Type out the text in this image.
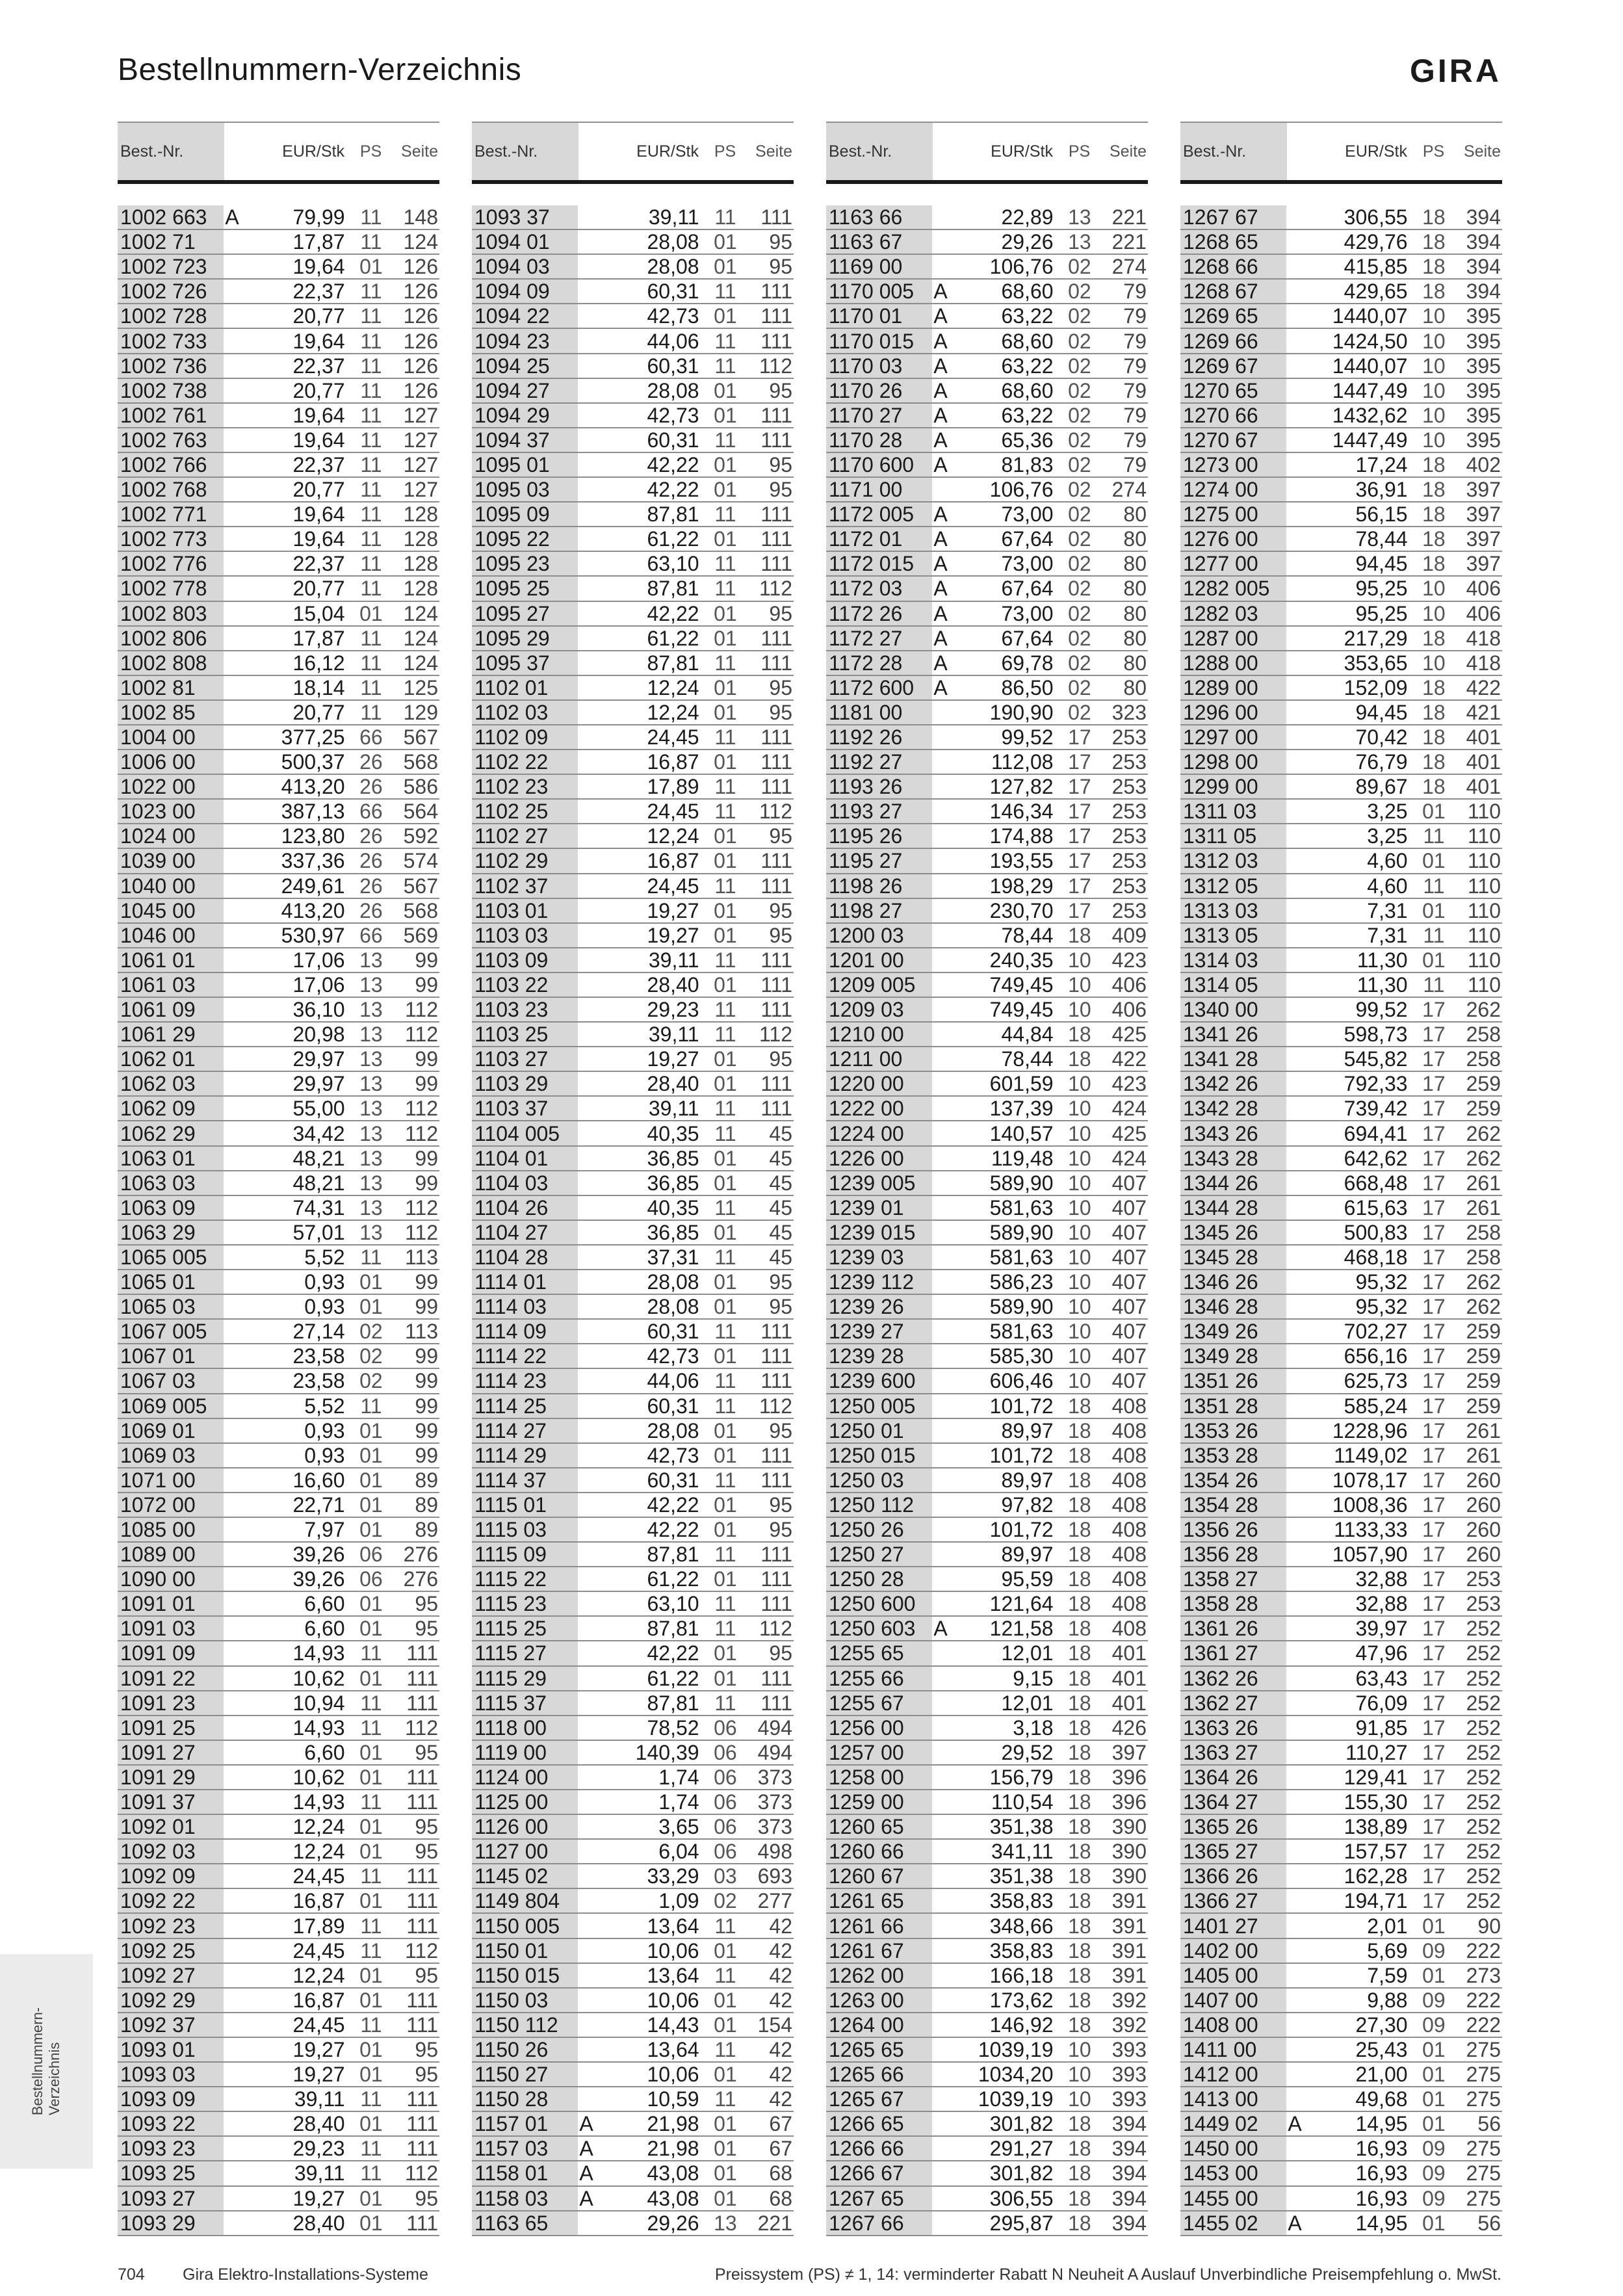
Bestellnummern-Verzeichnis	GIRA
Best.-Nr.	EUR/Stk PS	Seite
1002 663 A	79,99 11	148
1002 71	17,87 11	124
1002 723	19,64 01 126
1002 726	22,37 11	126
1002 728	20,77 11	126
1002 733	19,64 11	126
1002 736	22,37 11	126
1002 738	20,77 11	126
1002 761	19,64 11	127
1002 763	19,64 11	127
1002 766	22,37 11	127
1002 768	20,77 11	127
1002 771	19,64 11	128
1002 773	19,64 11	128
1002 776	22,37 11	128
1002 778	20,77 11	128
1002 803	15,04 01 124
1002 806	17,87 11	124
1002 808	16,12 11	124
1002 81	18,14 11	125
1002 85	20,77 11	129
1004 00	377,25 66 567
1006 00	500,37 26 568
1022 00	413,20 26 586
1023 00	387,13 66 564
1024 00	123,80 26 592
1039 00	337,36 26 574
1040 00	249,61 26 567
1045 00	413,20 26 568
1046 00	530,97 66 569
1061 01	17,06 13	99
1061 03	17,06 13	99
1061 09	36,10 13	112
1061 29	20,98 13	112
1062 01	29,97 13	99
1062 03	29,97 13	99
1062 09	55,00 13	112
1062 29	34,42 13	112
1063 01	48,21 13	99
1063 03	48,21 13	99
1063 09	74,31 13	112
1063 29	57,01 13	112
1065 005	5,52 11	113
1065 01	0,93 01	99
1065 03	0,93 01	99
1067 005	27,14 02	113
1067 01	23,58 02	99
1067 03	23,58 02	99
1069 005	5,52 11	99
1069 01	0,93 01	99
1069 03	0,93 01	99
1071 00	16,60 01	89
1072 00	22,71 01	89
1085 00	7,97 01	89
1089 00	39,26 06 276
1090 00	39,26 06 276
1091 01	6,60 01	95
1091 03	6,60 01	95
1091 09	14,93 11	111
1091 22	10,62 01	111
1091 23	10,94 11	111
1091 25	14,93 11	112
1091 27	6,60 01	95
1091 29	10,62 01	111
1091 37	14,93 11	111
1092 01	12,24 01	95
1092 03	12,24 01	95
1092 09	24,45 11	111
1092 22	16,87 01	111
1092 23	17,89 11	111
1092 25	24,45 11	112
1092 27	12,24 01	95
1092 29	16,87 01	111
1092 37	24,45 11	111
1093 01	19,27 01	95
1093 03	19,27 01	95
1093 09	39,11 11	111
1093 22	28,40 01	111
1093 23	29,23 11	111
1093 25	39,11 11	112
1093 27	19,27 01	95
1093 29	28,40 01	111
Best.-Nr.	EUR/Stk PS	Seite
1093 37	39,11 11	111
1094 01	28,08 01	95
1094 03	28,08 01	95
1094 09	60,31 11	111
1094 22	42,73 01	111
1094 23	44,06 11	111
1094 25	60,31 11	112
1094 27	28,08 01	95
1094 29	42,73 01	111
1094 37	60,31 11	111
1095 01	42,22 01	95
1095 03	42,22 01	95
1095 09	87,81 11	111
1095 22	61,22 01	111
1095 23	63,10 11	111
1095 25	87,81 11	112
1095 27	42,22 01	95
1095 29	61,22 01	111
1095 37	87,81 11	111
1102 01	12,24 01	95
1102 03	12,24 01	95
1102 09	24,45 11	111
1102 22	16,87 01	111
1102 23	17,89 11	111
1102 25	24,45 11	112
1102 27	12,24 01	95
1102 29	16,87 01	111
1102 37	24,45 11	111
1103 01	19,27 01	95
1103 03	19,27 01	95
1103 09	39,11 11	111
1103 22	28,40 01	111
1103 23	29,23 11	111
1103 25	39,11 11	112
1103 27	19,27 01	95
1103 29	28,40 01	111
1103 37	39,11 11	111
1104 005	40,35 11	45
1104 01	36,85 01	45
1104 03	36,85 01	45
1104 26	40,35 11	45
1104 27	36,85 01	45
1104 28	37,31 11	45
1114 01	28,08 01	95
1114 03	28,08 01	95
1114 09	60,31 11	111
1114 22	42,73 01	111
1114 23	44,06 11	111
1114 25	60,31 11	112
1114 27	28,08 01	95
1114 29	42,73 01	111
1114 37	60,31 11	111
1115 01	42,22 01	95
1115 03	42,22 01	95
1115 09	87,81 11	111
1115 22	61,22 01	111
1115 23	63,10 11	111
1115 25	87,81 11	112
1115 27	42,22 01	95
1115 29	61,22 01	111
1115 37	87,81 11	111
1118 00	78,52 06 494
1119 00	140,39 06 494
1124 00	1,74 06 373
1125 00	1,74 06 373
1126 00	3,65 06 373
1127 00	6,04 06 498
1145 02	33,29 03 693
1149 804	1,09 02 277
1150 005	13,64 11	42
1150 01	10,06 01	42
1150 015	13,64 11	42
1150 03	10,06 01	42
1150 112	14,43 01 154
1150 26	13,64 11	42
1150 27	10,06 01	42
1150 28	10,59 11	42
1157 01	A	21,98 01	67
1157 03	A	21,98 01	67
1158 01	A	43,08 01	68
1158 03	A	43,08 01	68
1163 65	29,26 13 221
Best.-Nr.	EUR/Stk PS	Seite
1163 66	22,89 13 221
1163 67	29,26 13 221
1169 00	106,76 02 274
1170 005 A	68,60 02	79
1170 01	A	63,22 02	79
1170 015 A	68,60 02	79
1170 03	A	63,22 02	79
1170 26	A	68,60 02	79
1170 27	A	63,22 02	79
1170 28	A	65,36 02	79
1170 600 A	81,83 02	79
1171 00	106,76 02 274
1172 005 A	73,00 02	80
1172 01	A	67,64 02	80
1172 015 A	73,00 02	80
1172 03	A	67,64 02	80
1172 26	A	73,00 02	80
1172 27	A	67,64 02	80
1172 28	A	69,78 02	80
1172 600 A	86,50 02	80
1181 00	190,90 02 323
1192 26	99,52 17 253
1192 27	112,08 17 253
1193 26	127,82 17 253
1193 27	146,34 17 253
1195 26	174,88 17 253
1195 27	193,55 17 253
1198 26	198,29 17 253
1198 27	230,70 17 253
1200 03	78,44 18 409
1201 00	240,35 10 423
1209 005	749,45 10 406
1209 03	749,45 10 406
1210 00	44,84 18 425
1211 00	78,44 18 422
1220 00	601,59 10 423
1222 00	137,39 10 424
1224 00	140,57 10 425
1226 00	119,48 10 424
1239 005	589,90 10 407
1239 01	581,63 10 407
1239 015	589,90 10 407
1239 03	581,63 10 407
1239 112	586,23 10 407
1239 26	589,90 10 407
1239 27	581,63 10 407
1239 28	585,30 10 407
1239 600	606,46 10 407
1250 005	101,72 18 408
1250 01	89,97 18 408
1250 015	101,72 18 408
1250 03	89,97 18 408
1250 112	97,82 18 408
1250 26	101,72 18 408
1250 27	89,97 18 408
1250 28	95,59 18 408
1250 600	121,64 18 408
1250 603 A	121,58 18 408
1255 65	12,01 18 401
1255 66	9,15 18 401
1255 67	12,01 18 401
1256 00	3,18 18 426
1257 00	29,52 18 397
1258 00	156,79 18 396
1259 00	110,54 18 396
1260 65	351,38 18 390
1260 66	341,11 18 390
1260 67	351,38 18 390
1261 65	358,83 18 391
1261 66	348,66 18 391
1261 67	358,83 18 391
1262 00	166,18 18 391
1263 00	173,62 18 392
1264 00	146,92 18 392
1265 65	1039,19 10 393
1265 66	1034,20 10 393
1265 67	1039,19 10 393
1266 65	301,82 18 394
1266 66	291,27 18 394
1266 67	301,82 18 394
1267 65	306,55 18 394
1267 66	295,87 18 394
Best.-Nr.	EUR/Stk PS	Seite
1267 67	306,55 18 394
1268 65	429,76 18 394
1268 66	415,85 18 394
1268 67	429,65 18 394
1269 65	1440,07 10 395
1269 66	1424,50 10 395
1269 67	1440,07 10 395
1270 65	1447,49 10 395
1270 66	1432,62 10 395
1270 67	1447,49 10 395
1273 00	17,24 18 402
1274 00	36,91 18 397
1275 00	56,15 18 397
1276 00	78,44 18 397
1277 00	94,45 18 397
1282 005	95,25 10 406
1282 03	95,25 10 406
1287 00	217,29 18 418
1288 00	353,65 10 418
1289 00	152,09 18 422
1296 00	94,45 18 421
1297 00	70,42 18 401
1298 00	76,79 18 401
1299 00	89,67 18 401
1311 03	3,25 01	110
1311 05	3,25 11	110
1312 03	4,60 01	110
1312 05	4,60 11	110
1313 03	7,31 01	110
1313 05	7,31 11	110
1314 03	11,30 01	110
1314 05	11,30 11	110
1340 00	99,52 17 262
1341 26	598,73 17 258
1341 28	545,82 17 258
1342 26	792,33 17 259
1342 28	739,42 17 259
1343 26	694,41 17 262
1343 28	642,62 17 262
1344 26	668,48 17 261
1344 28	615,63 17 261
1345 26	500,83 17 258
1345 28	468,18 17 258
1346 26	95,32 17 262
1346 28	95,32 17 262
1349 26	702,27 17 259
1349 28	656,16 17 259
1351 26	625,73 17 259
1351 28	585,24 17 259
1353 26	1228,96 17 261
1353 28	1149,02 17 261
1354 26	1078,17 17 260
1354 28	1008,36 17 260
1356 26	1133,33 17 260
1356 28	1057,90 17 260
1358 27	32,88 17 253
1358 28	32,88 17 253
1361 26	39,97 17 252
1361 27	47,96 17 252
1362 26	63,43 17 252
1362 27	76,09 17 252
1363 26	91,85 17 252
1363 27	110,27 17 252
1364 26	129,41 17 252
1364 27	155,30 17 252
1365 26	138,89 17 252
1365 27	157,57 17 252
1366 26	162,28 17 252
1366 27	194,71 17 252
1401 27	2,01 01	90
1402 00	5,69 09 222
1405 00	7,59 01 273
1407 00	9,88 09 222
1408 00	27,30 09 222
1411 00	25,43 01 275
1412 00	21,00 01 275
1413 00	49,68 01 275
1449 02	A	14,95 01	56
1450 00	16,93 09 275
1453 00	16,93 09 275
1455 00	16,93 09 275
1455 02	A	14,95 01	56
Bestellnummern- Verzeichnis
704	Gira Elektro-Installations-Systeme	Preissystem (PS) ≠ 1, 14: verminderter Rabatt N Neuheit A Auslauf Unverbindliche Preisempfehlung o. MwSt.
